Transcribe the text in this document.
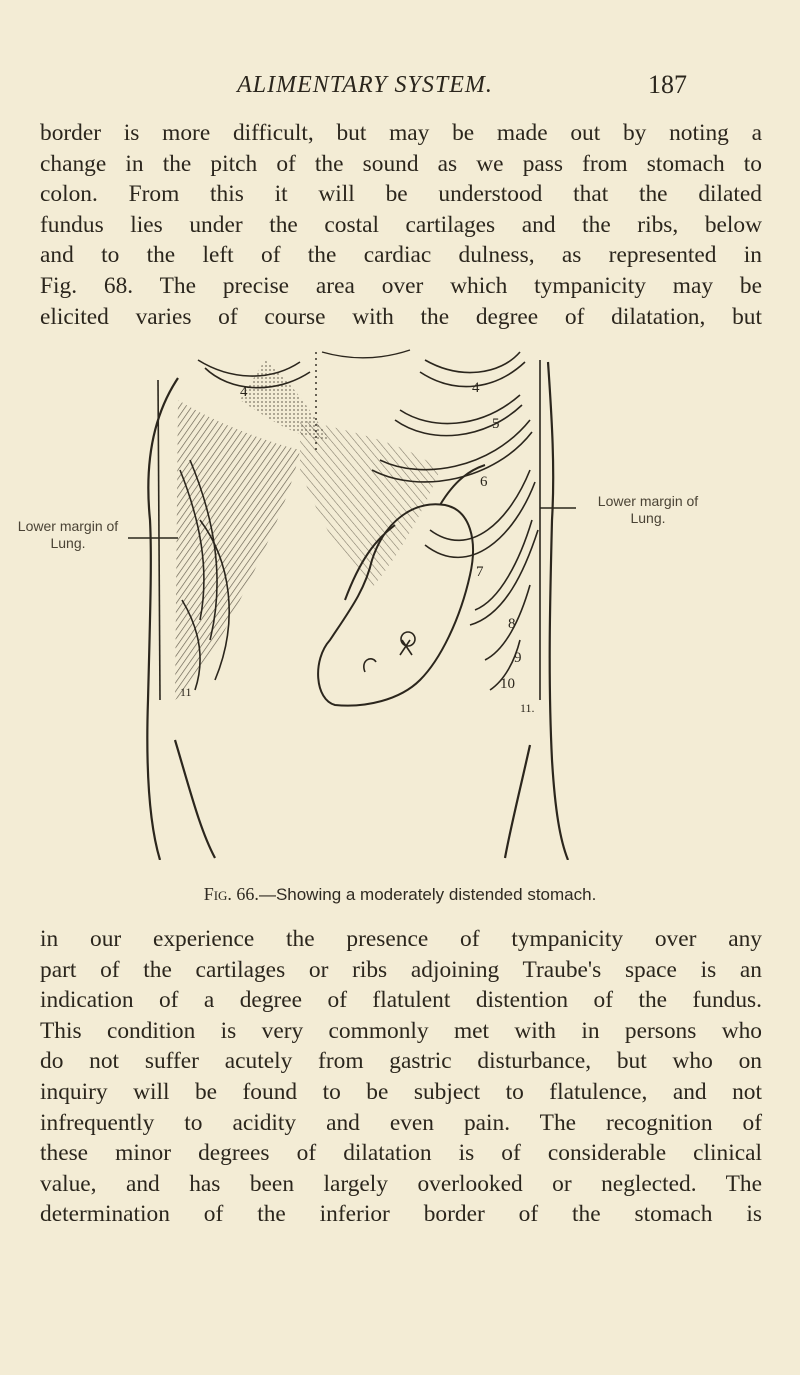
ALIMENTARY SYSTEM.	187
border is more difficult, but may be made out by noting a
change in the pitch of the sound as we pass from stomach to
colon. From this it will be understood that the dilated
fundus lies under the costal cartilages and the ribs, below
and to the left of the cardiac dulness, as represented in
Fig. 68. The precise area over which tympanicity may be
elicited varies of course with the degree of dilatation, but
4	4
5
6
7
8
9
10
11
11.
Lower margin of
Lung.
Lower margin of
Lung.
Fig. 66.—Showing a moderately distended stomach.
in our experience the presence of tympanicity over any
part of the cartilages or ribs adjoining Traube's space is an
indication of a degree of flatulent distention of the fundus.
This condition is very commonly met with in persons who
do not suffer acutely from gastric disturbance, but who on
inquiry will be found to be subject to flatulence, and not
infrequently to acidity and even pain. The recognition of
these minor degrees of dilatation is of considerable clinical
value, and has been largely overlooked or neglected. The
determination of the inferior border of the stomach is
